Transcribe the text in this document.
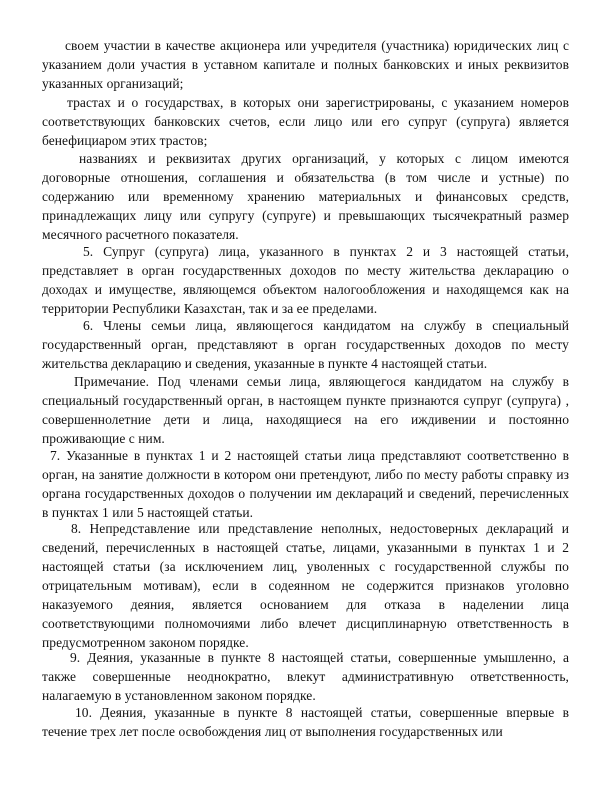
своем участии в качестве акционера или учредителя (участника) юридических лиц с указанием доли участия в уставном капитале и полных банковских и иных реквизитов указанных организаций;

трастах и о государствах, в которых они зарегистрированы, с указанием номеров соответствующих банковских счетов, если лицо или его супруг (супруга) является бенефициаром этих трастов;

названиях и реквизитах других организаций, у которых с лицом имеются договорные отношения, соглашения и обязательства (в том числе и устные) по содержанию или временному хранению материальных и финансовых средств, принадлежащих лицу или супругу (супруге) и превышающих тысячекратный размер месячного расчетного показателя.

5. Супруг (супруга) лица, указанного в пунктах 2 и 3 настоящей статьи, представляет в орган государственных доходов по месту жительства декларацию о доходах и имуществе, являющемся объектом налогообложения и находящемся как на территории Республики Казахстан, так и за ее пределами.

6. Члены семьи лица, являющегося кандидатом на службу в специальный государственный орган, представляют в орган государственных доходов по месту жительства декларацию и сведения, указанные в пункте 4 настоящей статьи.

Примечание. Под членами семьи лица, являющегося кандидатом на службу в специальный государственный орган, в настоящем пункте признаются супруг (супруга) , совершеннолетние дети и лица, находящиеся на его иждивении и постоянно проживающие с ним.

7. Указанные в пунктах 1 и 2 настоящей статьи лица представляют соответственно в орган, на занятие должности в котором они претендуют, либо по месту работы справку из органа государственных доходов о получении им деклараций и сведений, перечисленных в пунктах 1 или 5 настоящей статьи.

8. Непредставление или представление неполных, недостоверных деклараций и сведений, перечисленных в настоящей статье, лицами, указанными в пунктах 1 и 2 настоящей статьи (за исключением лиц, уволенных с государственной службы по отрицательным мотивам), если в содеянном не содержится признаков уголовно наказуемого деяния, является основанием для отказа в наделении лица соответствующими полномочиями либо влечет дисциплинарную ответственность в предусмотренном законом порядке.

9. Деяния, указанные в пункте 8 настоящей статьи, совершенные умышленно, а также совершенные неоднократно, влекут административную ответственность, налагаемую в установленном законом порядке.

10. Деяния, указанные в пункте 8 настоящей статьи, совершенные впервые в течение трех лет после освобождения лиц от выполнения государственных или
